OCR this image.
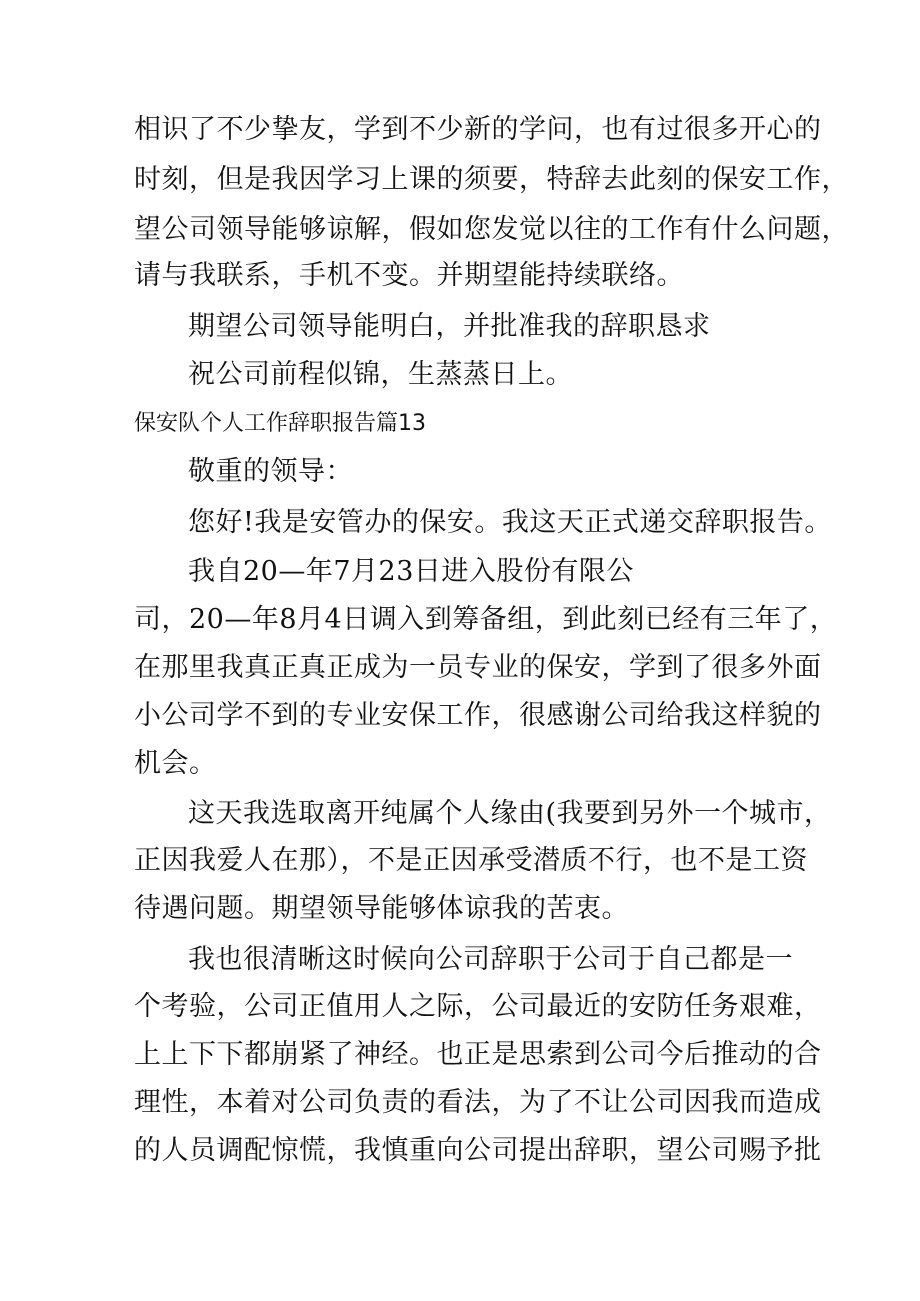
相识了不少挚友，学到不少新的学问，也有过很多开心的
时刻，但是我因学习上课的须要，特辞去此刻的保安工作，
望公司领导能够谅解，假如您发觉以往的工作有什么问题，
请与我联系，手机不变。并期望能持续联络。
期望公司领导能明白，并批准我的辞职恳求
祝公司前程似锦，生蒸蒸日上。
保安队个人工作辞职报告篇13
敬重的领导：
您好!我是安管办的保安。我这天正式递交辞职报告。
我自20—年7月23日进入股份有限公
司，20—年8月4日调入到筹备组，到此刻已经有三年了，
在那里我真正真正成为一员专业的保安，学到了很多外面
小公司学不到的专业安保工作，很感谢公司给我这样貌的
机会。
这天我选取离开纯属个人缘由(我要到另外一个城市，
正因我爱人在那），不是正因承受潜质不行，也不是工资
待遇问题。期望领导能够体谅我的苦衷。
我也很清晰这时候向公司辞职于公司于自己都是一
个考验，公司正值用人之际，公司最近的安防任务艰难，
上上下下都崩紧了神经。也正是思索到公司今后推动的合
理性，本着对公司负责的看法，为了不让公司因我而造成
的人员调配惊慌，我慎重向公司提出辞职，望公司赐予批
